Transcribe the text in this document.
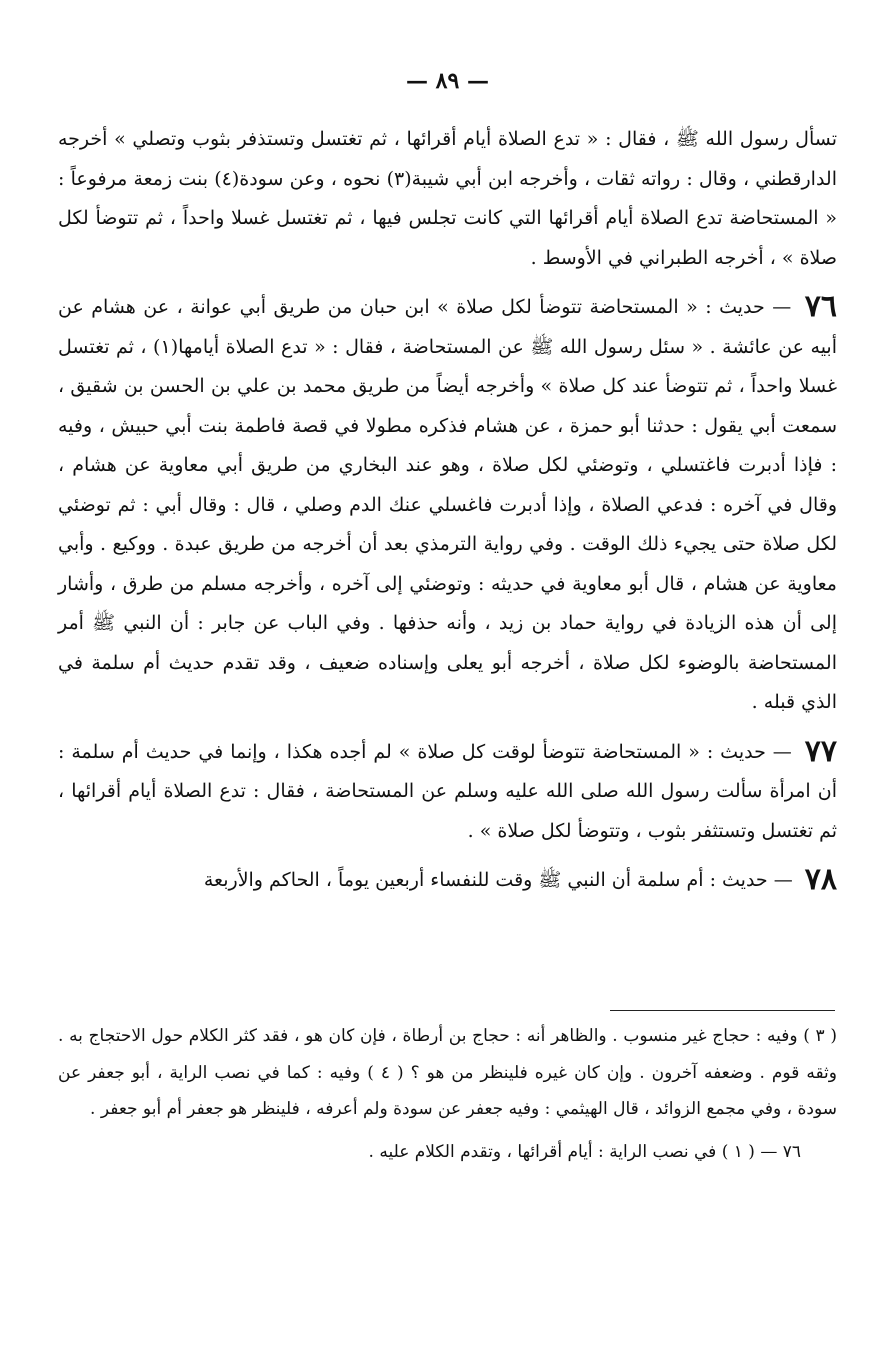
— ٨٩ —

تسأل رسول الله ﷺ ، فقال : « تدع الصلاة أيام أقرائها ، ثم تغتسل وتستذفر بثوب وتصلي » أخرجه الدارقطني ، وقال : رواته ثقات ، وأخرجه ابن أبي شيبة(٣) نحوه ، وعن سودة(٤) بنت زمعة مرفوعاً : « المستحاضة تدع الصلاة أيام أقرائها التي كانت تجلس فيها ، ثم تغتسل غسلا واحداً ، ثم تتوضأ لكل صلاة » ، أخرجه الطبراني في الأوسط .

٧٦ — حديث : « المستحاضة تتوضأ لكل صلاة » ابن حبان من طريق أبي عوانة ، عن هشام عن أبيه عن عائشة . « سئل رسول الله ﷺ عن المستحاضة ، فقال : « تدع الصلاة أيامها(١) ، ثم تغتسل غسلا واحداً ، ثم تتوضأ عند كل صلاة » وأخرجه أيضاً من طريق محمد بن علي بن الحسن بن شقيق ، سمعت أبي يقول : حدثنا أبو حمزة ، عن هشام فذكره مطولا في قصة فاطمة بنت أبي حبيش ، وفيه : فإذا أدبرت فاغتسلي ، وتوضئي لكل صلاة ، وهو عند البخاري من طريق أبي معاوية عن هشام ، وقال في آخره : فدعي الصلاة ، وإذا أدبرت فاغسلي عنك الدم وصلي ، قال : وقال أبي : ثم توضئي لكل صلاة حتى يجيء ذلك الوقت . وفي رواية الترمذي بعد أن أخرجه من طريق عبدة . ووكيع . وأبي معاوية عن هشام ، قال أبو معاوية في حديثه : وتوضئي إلى آخره ، وأخرجه مسلم من طرق ، وأشار إلى أن هذه الزيادة في رواية حماد بن زيد ، وأنه حذفها . وفي الباب عن جابر : أن النبي ﷺ أمر المستحاضة بالوضوء لكل صلاة ، أخرجه أبو يعلى وإسناده ضعيف ، وقد تقدم حديث أم سلمة في الذي قبله .

٧٧ — حديث : « المستحاضة تتوضأ لوقت كل صلاة » لم أجده هكذا ، وإنما في حديث أم سلمة : أن امرأة سألت رسول الله صلى الله عليه وسلم عن المستحاضة ، فقال : تدع الصلاة أيام أقرائها ، ثم تغتسل وتستثفر بثوب ، وتتوضأ لكل صلاة » .

٧٨ — حديث : أم سلمة أن النبي ﷺ وقت للنفساء أربعين يوماً ، الحاكم والأربعة

( ٣ ) وفيه : حجاج غير منسوب . والظاهر أنه : حجاج بن أرطاة ، فإن كان هو ، فقد كثر الكلام حول الاحتجاج به . وثقه قوم . وضعفه آخرون . وإن كان غيره فلينظر من هو ؟ ( ٤ ) وفيه : كما في نصب الراية ، أبو جعفر عن سودة ، وفي مجمع الزوائد ، قال الهيثمي : وفيه جعفر عن سودة ولم أعرفه ، فلينظر هو جعفر أم أبو جعفر .

٧٦ — ( ١ ) في نصب الراية : أيام أقرائها ، وتقدم الكلام عليه .
